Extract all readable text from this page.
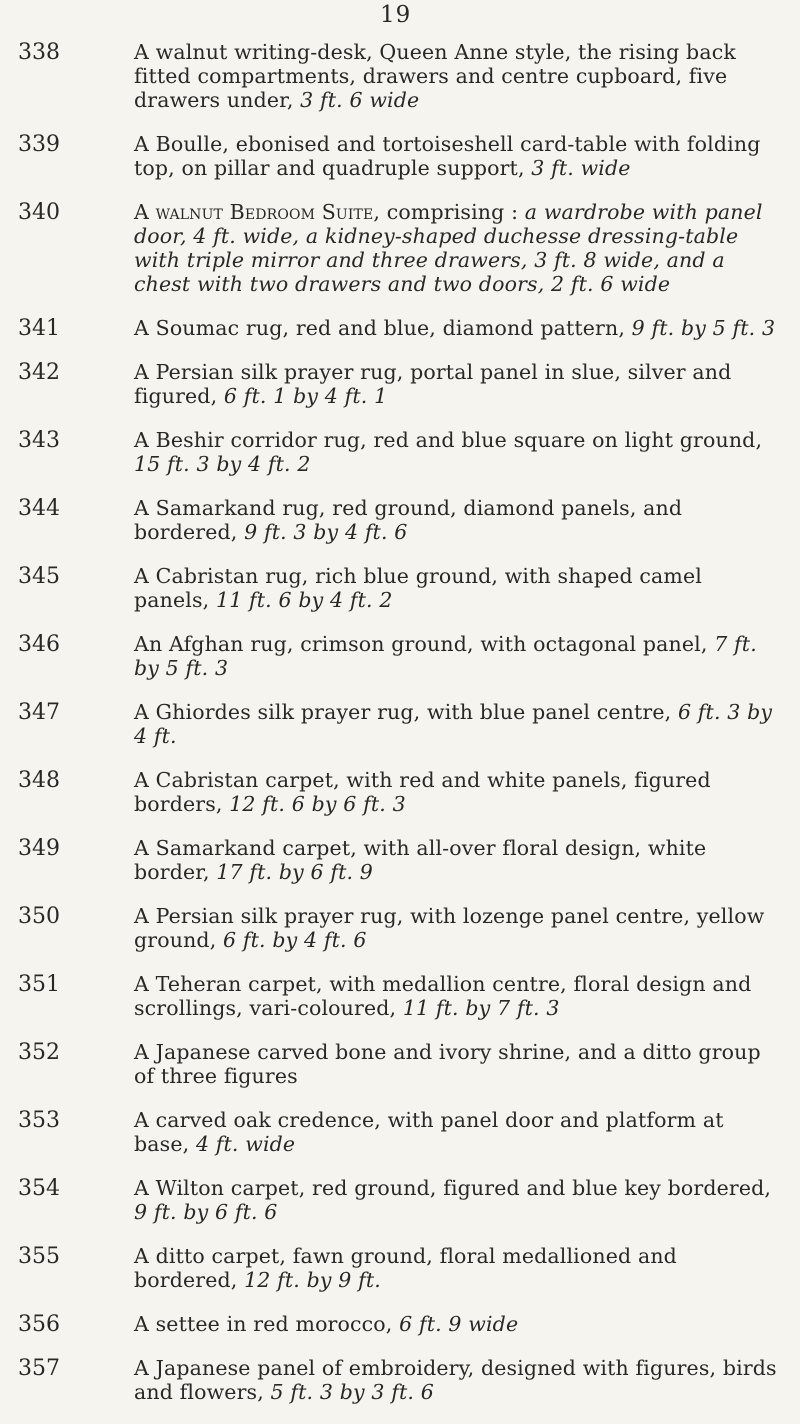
19
338	A walnut writing-desk, Queen Anne style, the rising back fitted compartments, drawers and centre cupboard, five drawers under, 3 ft. 6 wide
339	A Boulle, ebonised and tortoiseshell card-table with folding top, on pillar and quadruple support, 3 ft. wide
340	A walnut Bedroom Suite, comprising : a wardrobe with panel door, 4 ft. wide, a kidney-shaped duchesse dressing-table with triple mirror and three drawers, 3 ft. 8 wide, and a chest with two drawers and two doors, 2 ft. 6 wide
341	A Soumac rug, red and blue, diamond pattern, 9 ft. by 5 ft. 3
342	A Persian silk prayer rug, portal panel in slue, silver and figured, 6 ft. 1 by 4 ft. 1
343	A Beshir corridor rug, red and blue square on light ground, 15 ft. 3 by 4 ft. 2
344	A Samarkand rug, red ground, diamond panels, and bordered, 9 ft. 3 by 4 ft. 6
345	A Cabristan rug, rich blue ground, with shaped camel panels, 11 ft. 6 by 4 ft. 2
346	An Afghan rug, crimson ground, with octagonal panel, 7 ft. by 5 ft. 3
347	A Ghiordes silk prayer rug, with blue panel centre, 6 ft. 3 by 4 ft.
348	A Cabristan carpet, with red and white panels, figured borders, 12 ft. 6 by 6 ft. 3
349	A Samarkand carpet, with all-over floral design, white border, 17 ft. by 6 ft. 9
350	A Persian silk prayer rug, with lozenge panel centre, yellow ground, 6 ft. by 4 ft. 6
351	A Teheran carpet, with medallion centre, floral design and scrollings, vari-coloured, 11 ft. by 7 ft. 3
352	A Japanese carved bone and ivory shrine, and a ditto group of three figures
353	A carved oak credence, with panel door and platform at base, 4 ft. wide
354	A Wilton carpet, red ground, figured and blue key bordered, 9 ft. by 6 ft. 6
355	A ditto carpet, fawn ground, floral medallioned and bordered, 12 ft. by 9 ft.
356	A settee in red morocco, 6 ft. 9 wide
357	A Japanese panel of embroidery, designed with figures, birds and flowers, 5 ft. 3 by 3 ft. 6
